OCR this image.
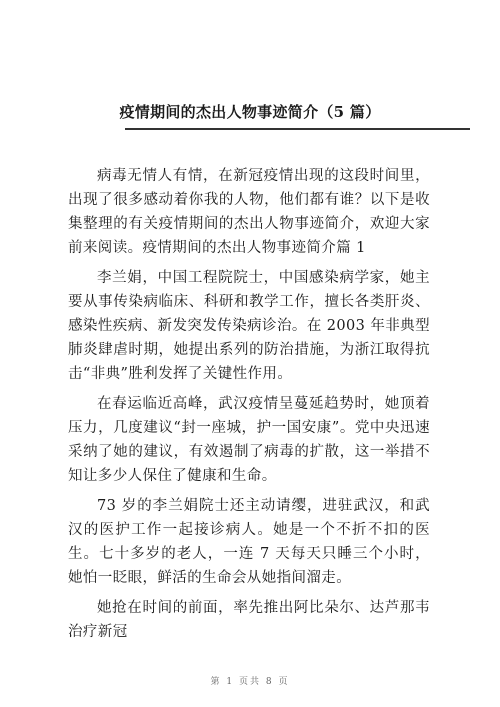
疫情期间的杰出人物事迹简介（5 篇）

病毒无情人有情，在新冠疫情出现的这段时间里，出现了很多感动着你我的人物，他们都有谁？以下是收集整理的有关疫情期间的杰出人物事迹简介，欢迎大家前来阅读。疫情期间的杰出人物事迹简介篇 1

李兰娟，中国工程院院士，中国感染病学家，她主要从事传染病临床、科研和教学工作，擅长各类肝炎、感染性疾病、新发突发传染病诊治。在 2003 年非典型肺炎肆虐时期，她提出系列的防治措施，为浙江取得抗击“非典”胜利发挥了关键性作用。

在春运临近高峰，武汉疫情呈蔓延趋势时，她顶着压力，几度建议“封一座城，护一国安康”。党中央迅速采纳了她的建议，有效遏制了病毒的扩散，这一举措不知让多少人保住了健康和生命。

73 岁的李兰娟院士还主动请缨，进驻武汉，和武汉的医护工作一起接诊病人。她是一个不折不扣的医生。七十多岁的老人，一连 7 天每天只睡三个小时，她怕一眨眼，鲜活的生命会从她指间溜走。

她抢在时间的前面，率先推出阿比朵尔、达芦那韦治疗新冠

第 1 页共 8 页
